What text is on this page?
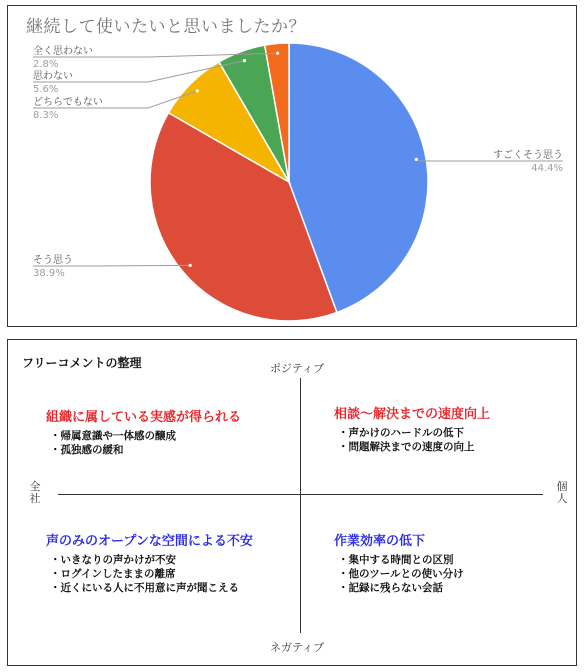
継続して使いたいと思いましたか？
すごくそう思う
44.4%
そう思う
38.9%
どちらでもない
8.3%
思わない
5.6%
全く思わない
2.8%
フリーコメントの整理	ポジティブ
ネガティブ
全
社
個
人
組織に属している実感が得られる
・帰属意識や一体感の醸成
・孤独感の緩和
相談～解決までの速度向上
・声かけのハードルの低下
・問題解決までの速度の向上
声のみのオープンな空間による不安
・いきなりの声かけが不安
・ログインしたままの離席
・近くにいる人に不用意に声が聞こえる
作業効率の低下
・集中する時間との区別
・他のツールとの使い分け
・記録に残らない会話
